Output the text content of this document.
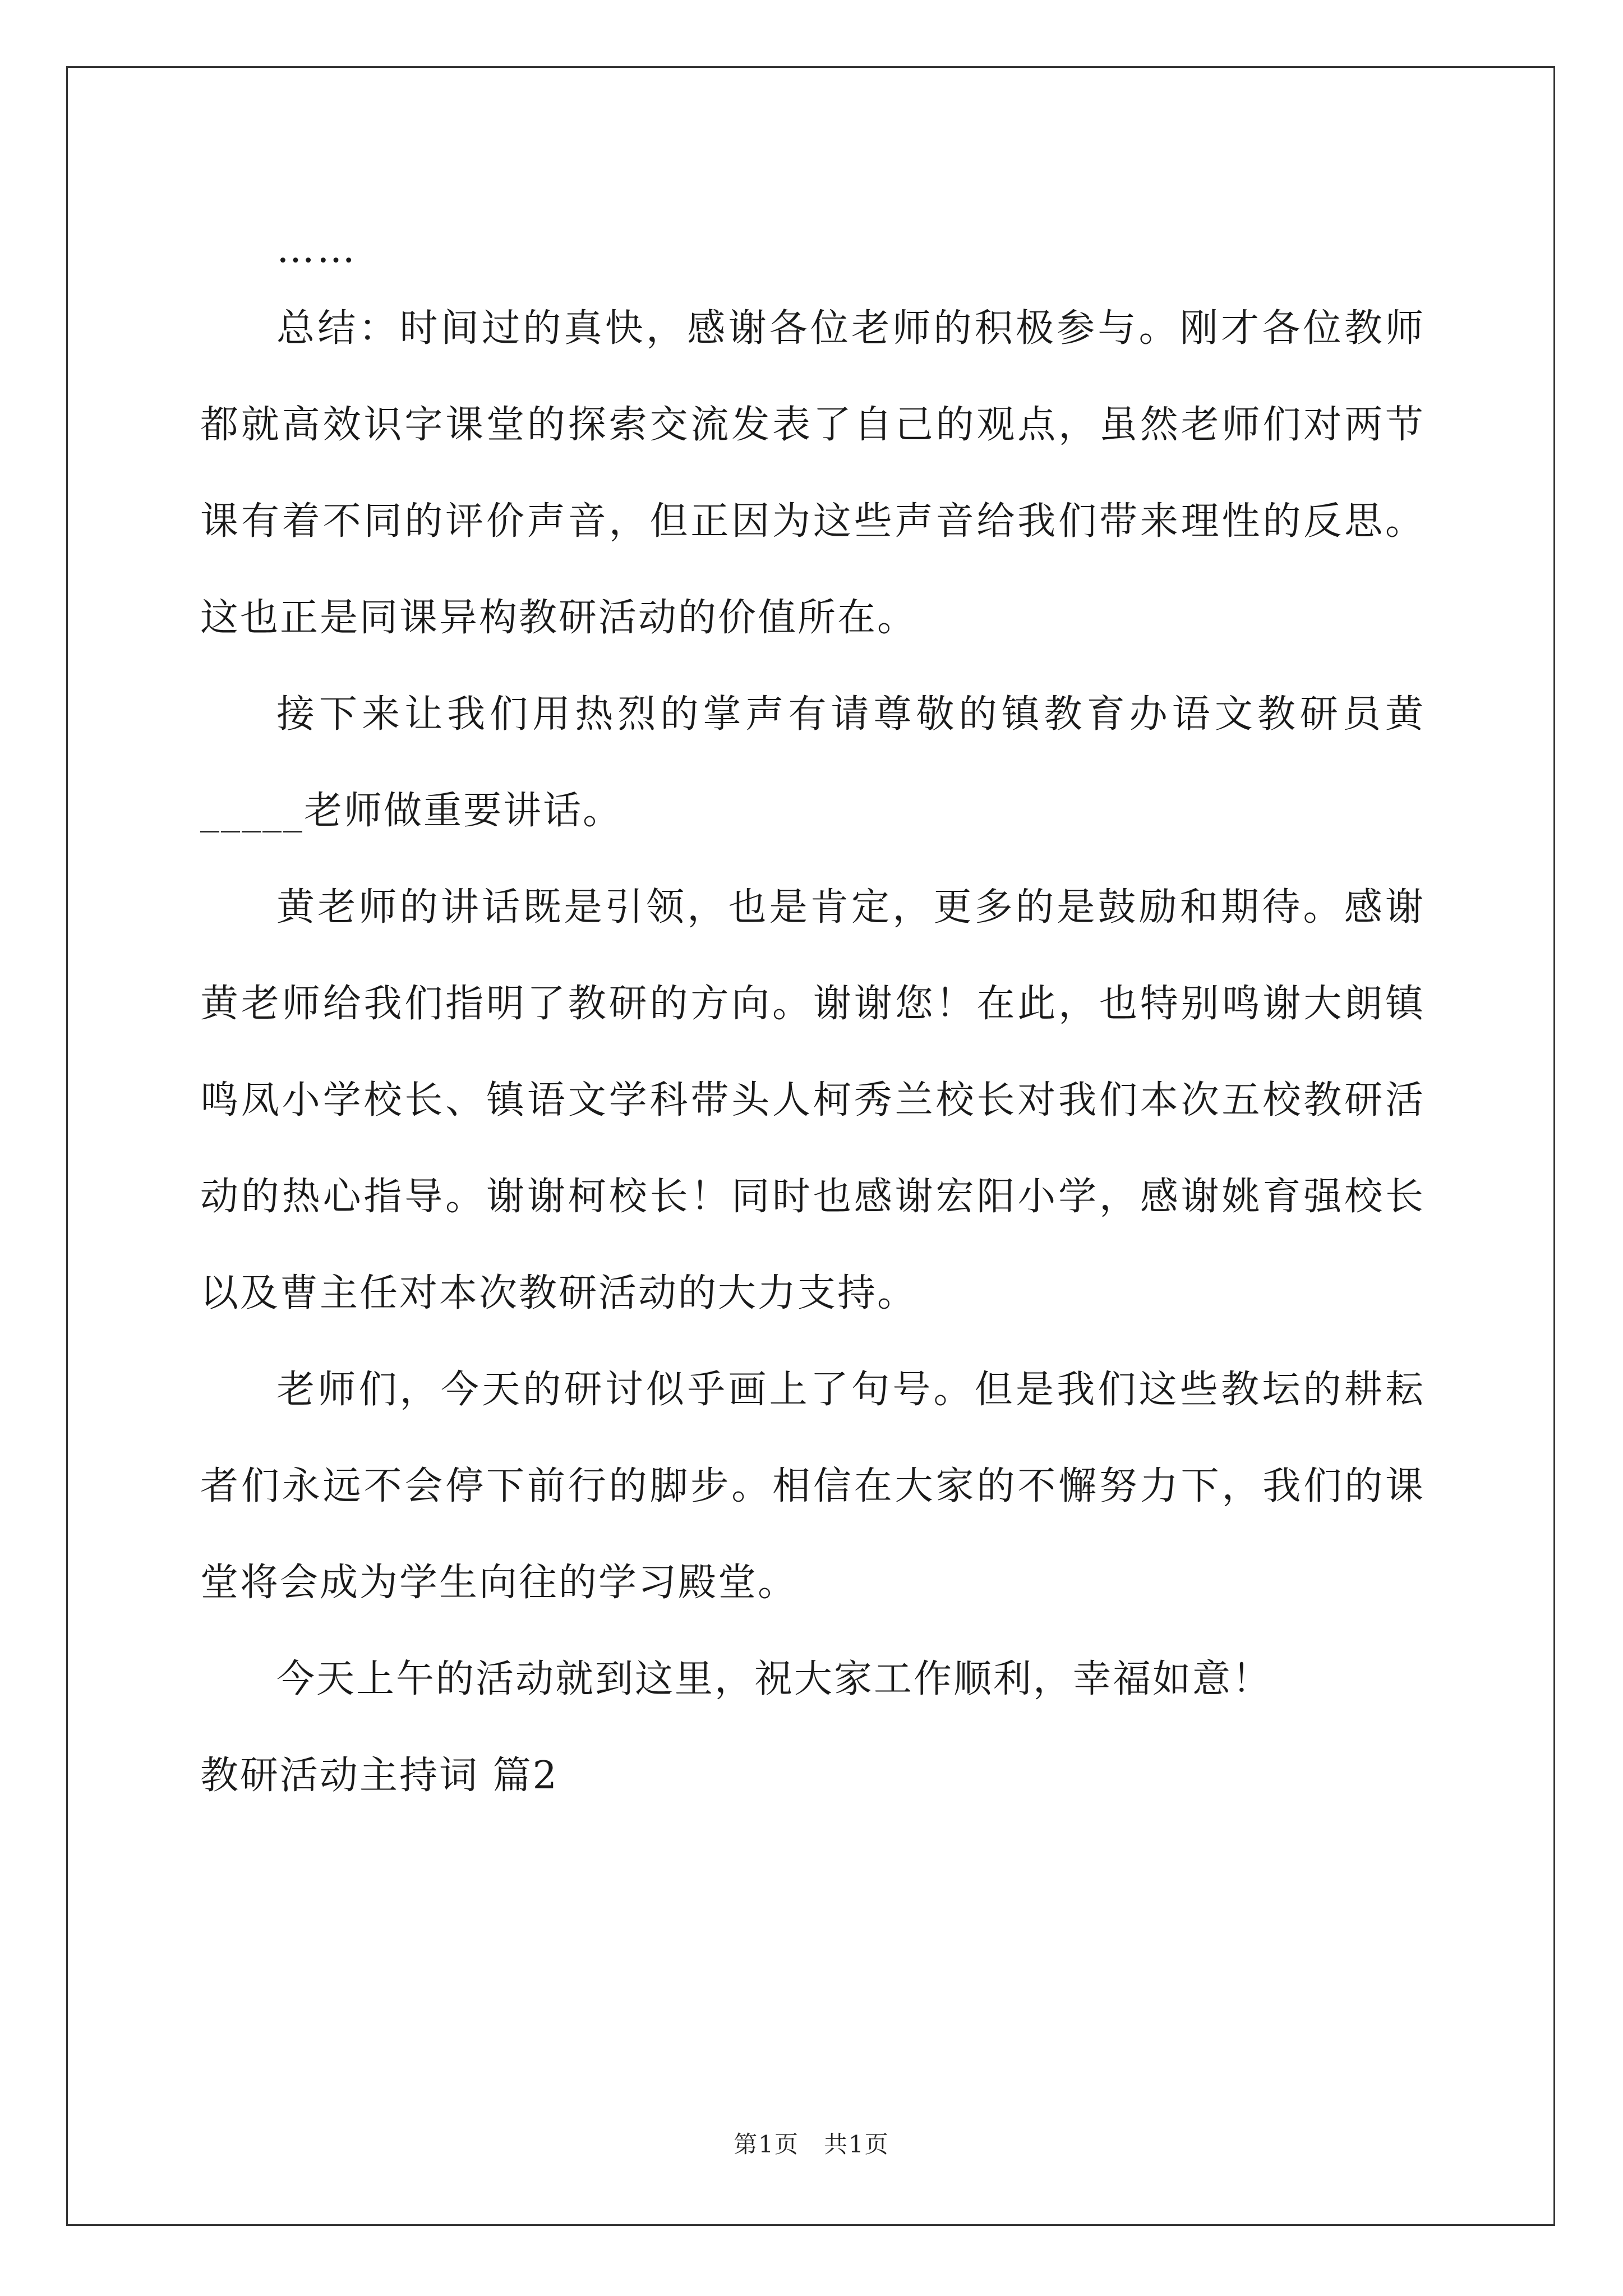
……

总结：时间过的真快，感谢各位老师的积极参与。刚才各位教师都就高效识字课堂的探索交流发表了自己的观点，虽然老师们对两节课有着不同的评价声音，但正因为这些声音给我们带来理性的反思。这也正是同课异构教研活动的价值所在。

接下来让我们用热烈的掌声有请尊敬的镇教育办语文教研员黄_____老师做重要讲话。

黄老师的讲话既是引领，也是肯定，更多的是鼓励和期待。感谢黄老师给我们指明了教研的方向。谢谢您！在此，也特别鸣谢大朗镇鸣凤小学校长、镇语文学科带头人柯秀兰校长对我们本次五校教研活动的热心指导。谢谢柯校长！同时也感谢宏阳小学，感谢姚育强校长以及曹主任对本次教研活动的大力支持。

老师们，今天的研讨似乎画上了句号。但是我们这些教坛的耕耘者们永远不会停下前行的脚步。相信在大家的不懈努力下，我们的课堂将会成为学生向往的学习殿堂。

今天上午的活动就到这里，祝大家工作顺利，幸福如意！

教研活动主持词 篇2

第1页　共1页
